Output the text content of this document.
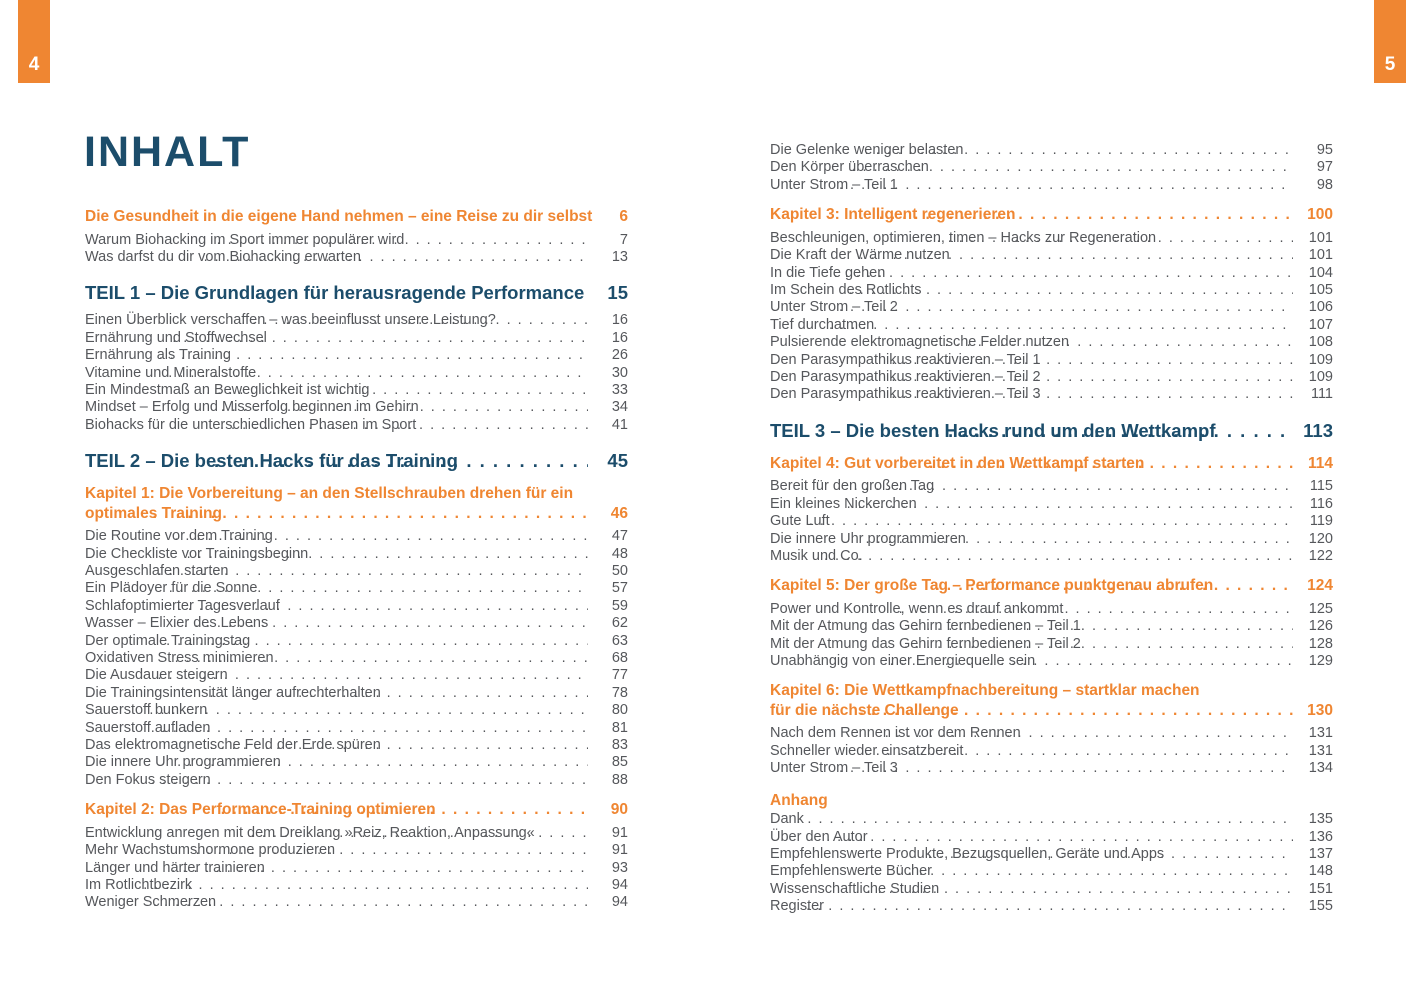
4	5
INHALT
Die Gesundheit in die eigene Hand nehmen – eine Reise zu dir selbst	6
Warum Biohacking im Sport immer populärer wird . . .	7
Was darfst du dir vom Biohacking erwarten . . .	13
TEIL 1 – Die Grundlagen für herausragende Performance	15
Einen Überblick verschaffen – was beeinflusst unsere Leistung? . . .	16
Ernährung und Stoffwechsel . . .	16
Ernährung als Training . . .	26
Vitamine und Mineralstoffe . . .	30
Ein Mindestmaß an Beweglichkeit ist wichtig . . .	33
Mindset – Erfolg und Misserfolg beginnen im Gehirn . . .	34
Biohacks für die unterschiedlichen Phasen im Sport . . .	41
TEIL 2 – Die besten Hacks für das Training . . .	45
Kapitel 1: Die Vorbereitung – an den Stellschrauben drehen für ein
optimales Training . . .	46
Die Routine vor dem Training . . .	47
Die Checkliste vor Trainingsbeginn . . .	48
Ausgeschlafen starten . . .	50
Ein Plädoyer für die Sonne . . .	57
Schlafoptimierter Tagesverlauf . . .	59
Wasser – Elixier des Lebens . . .	62
Der optimale Trainingstag . . .	63
Oxidativen Stress minimieren . . .	68
Die Ausdauer steigern . . .	77
Die Trainingsintensität länger aufrechterhalten . . .	78
Sauerstoff bunkern . . .	80
Sauerstoff aufladen . . .	81
Das elektromagnetische Feld der Erde spüren . . .	83
Die innere Uhr programmieren . . .	85
Den Fokus steigern . . .	88
Kapitel 2: Das Performance-Training optimieren . . .	90
Entwicklung anregen mit dem Dreiklang »Reiz, Reaktion, Anpassung« . . .	91
Mehr Wachstumshormone produzieren . . .	91
Länger und härter trainieren . . .	93
Im Rotlichtbezirk . . .	94
Weniger Schmerzen . . .	94
Die Gelenke weniger belasten . . .	95
Den Körper überraschen . . .	97
Unter Strom – Teil 1 . . .	98
Kapitel 3: Intelligent regenerieren . . .	100
Beschleunigen, optimieren, timen – Hacks zur Regeneration . . .	101
Die Kraft der Wärme nutzen . . .	101
In die Tiefe gehen . . .	104
Im Schein des Rotlichts . . .	105
Unter Strom – Teil 2 . . .	106
Tief durchatmen . . .	107
Pulsierende elektromagnetische Felder nutzen . . .	108
Den Parasympathikus reaktivieren – Teil 1 . . .	109
Den Parasympathikus reaktivieren – Teil 2 . . .	109
Den Parasympathikus reaktivieren – Teil 3 . . .	111
TEIL 3 – Die besten Hacks rund um den Wettkampf . . .	113
Kapitel 4: Gut vorbereitet in den Wettkampf starten . . .	114
Bereit für den großen Tag . . .	115
Ein kleines Nickerchen . . .	116
Gute Luft . . .	119
Die innere Uhr programmieren . . .	120
Musik und Co. . . .	122
Kapitel 5: Der große Tag – Performance punktgenau abrufen . . .	124
Power und Kontrolle, wenn es drauf ankommt . . .	125
Mit der Atmung das Gehirn fernbedienen – Teil 1 . . .	126
Mit der Atmung das Gehirn fernbedienen – Teil 2 . . .	128
Unabhängig von einer Energiequelle sein . . .	129
Kapitel 6: Die Wettkampfnachbereitung – startklar machen
für die nächste Challenge . . .	130
Nach dem Rennen ist vor dem Rennen . . .	131
Schneller wieder einsatzbereit . . .	131
Unter Strom – Teil 3 . . .	134
Anhang
Dank . . .	135
Über den Autor . . .	136
Empfehlenswerte Produkte, Bezugsquellen, Geräte und Apps . . .	137
Empfehlenswerte Bücher . . .	148
Wissenschaftliche Studien . . .	151
Register . . .	155
